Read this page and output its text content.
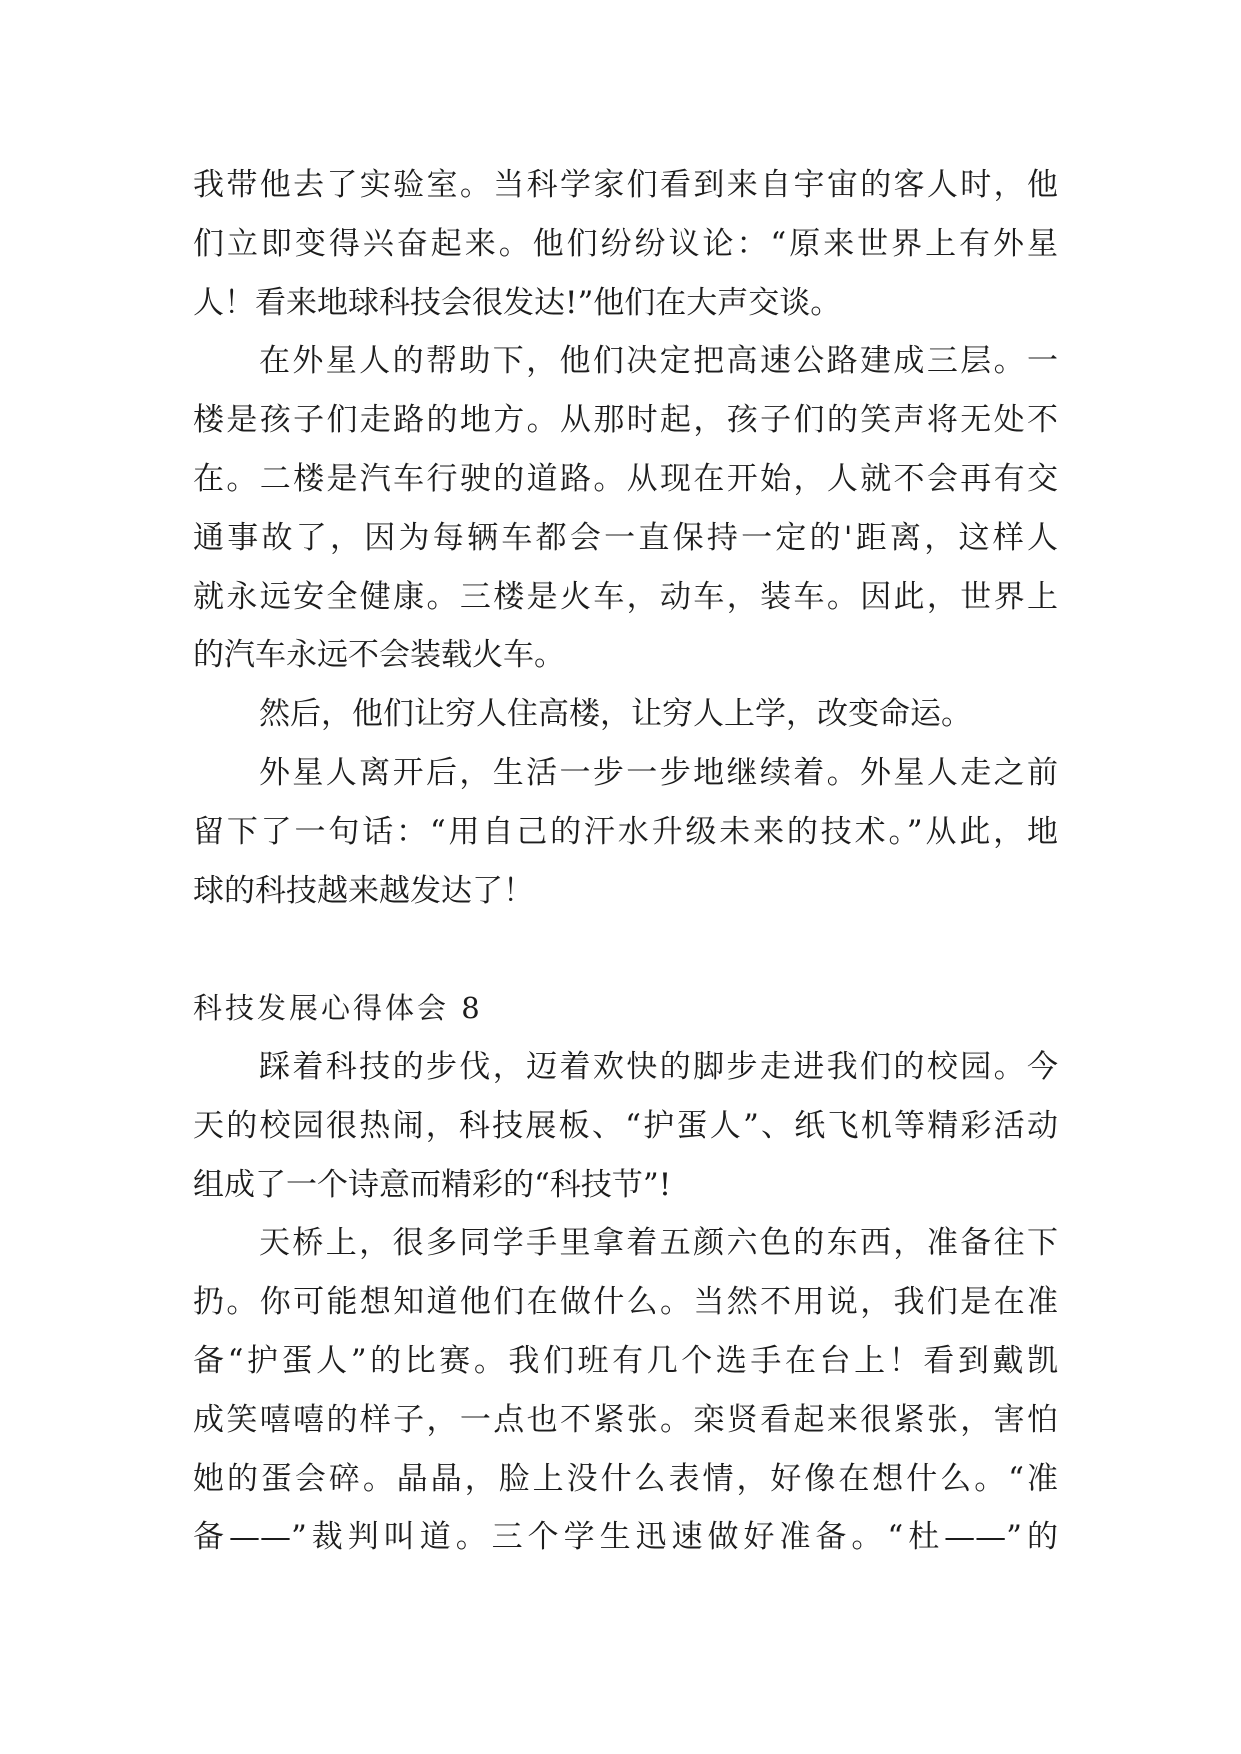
我带他去了实验室。当科学家们看到来自宇宙的客人时，他
们立即变得兴奋起来。他们纷纷议论：“原来世界上有外星
人！看来地球科技会很发达!”他们在大声交谈。
在外星人的帮助下，他们决定把高速公路建成三层。一
楼是孩子们走路的地方。从那时起，孩子们的笑声将无处不
在。二楼是汽车行驶的道路。从现在开始，人就不会再有交
通事故了，因为每辆车都会一直保持一定的'距离，这样人
就永远安全健康。三楼是火车，动车，装车。因此，世界上
的汽车永远不会装载火车。
然后，他们让穷人住高楼，让穷人上学，改变命运。
外星人离开后，生活一步一步地继续着。外星人走之前
留下了一句话：“用自己的汗水升级未来的技术。”从此，地
球的科技越来越发达了！
科技发展心得体会 8
踩着科技的步伐，迈着欢快的脚步走进我们的校园。今
天的校园很热闹，科技展板、“护蛋人”、纸飞机等精彩活动
组成了一个诗意而精彩的“科技节”!
天桥上，很多同学手里拿着五颜六色的东西，准备往下
扔。你可能想知道他们在做什么。当然不用说，我们是在准
备“护蛋人”的比赛。我们班有几个选手在台上！看到戴凯
成笑嘻嘻的样子，一点也不紧张。栾贤看起来很紧张，害怕
她的蛋会碎。晶晶，脸上没什么表情，好像在想什么。“准
备——”裁判叫道。三个学生迅速做好准备。“杜——”的
